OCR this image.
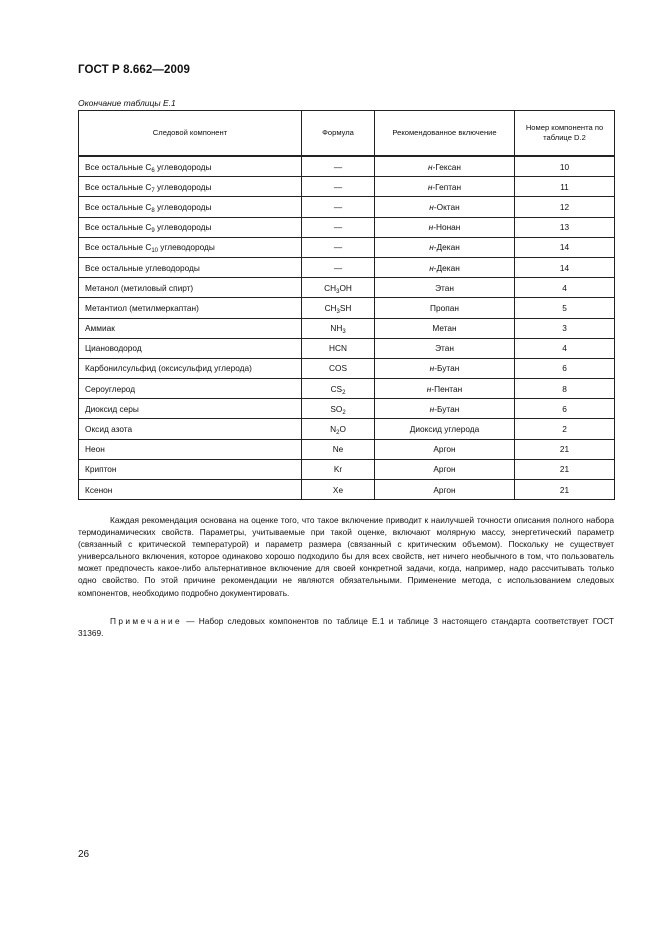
ГОСТ Р 8.662—2009
Окончание таблицы Е.1
Следовой компонент	Формула	Рекомендованное включение	Номер компонента по таблице D.2
Все остальные $С_6$ углеводороды	—	н-Гексан	10
Все остальные $С_7$ углеводороды	—	н-Гептан	11
Все остальные $С_8$ углеводороды	—	н-Октан	12
Все остальные $С_9$ углеводороды	—	н-Нонан	13
Все остальные $С_{10}$ углеводороды	—	н-Декан	14
Все остальные углеводороды	—	н-Декан	14
Метанол (метиловый спирт)	$CH_3OH$	Этан	4
Метантиол (метилмеркаптан)	$CH_3SH$	Пропан	5
Аммиак	$NH_3$	Метан	3
Циановодород	HCN	Этан	4
Карбонилсульфид (оксисульфид углерода)	COS	н-Бутан	6
Сероуглерод	$CS_2$	н-Пентан	8
Диоксид серы	$SO_2$	н-Бутан	6
Оксид азота	$N_2O$	Диоксид углерода	2
Неон	Ne	Аргон	21
Криптон	Kr	Аргон	21
Ксенон	Xe	Аргон	21

Каждая рекомендация основана на оценке того, что такое включение приводит к наилучшей точности описания полного набора термодинамических свойств. Параметры, учитываемые при такой оценке, включают молярную массу, энергетический параметр (связанный с критической температурой) и параметр размера (связанный с критическим объемом). Поскольку не существует универсального включения, которое одинаково хорошо подходило бы для всех свойств, нет ничего необычного в том, что пользователь может предпочесть какое-либо альтернативное включение для своей конкретной задачи, когда, например, надо рассчитывать только одно свойство. По этой причине рекомендации не являются обязательными. Применение метода, с использованием следовых компонентов, необходимо подробно документировать.

Примечание — Набор следовых компонентов по таблице Е.1 и таблице 3 настоящего стандарта соответствует ГОСТ 31369.

26
